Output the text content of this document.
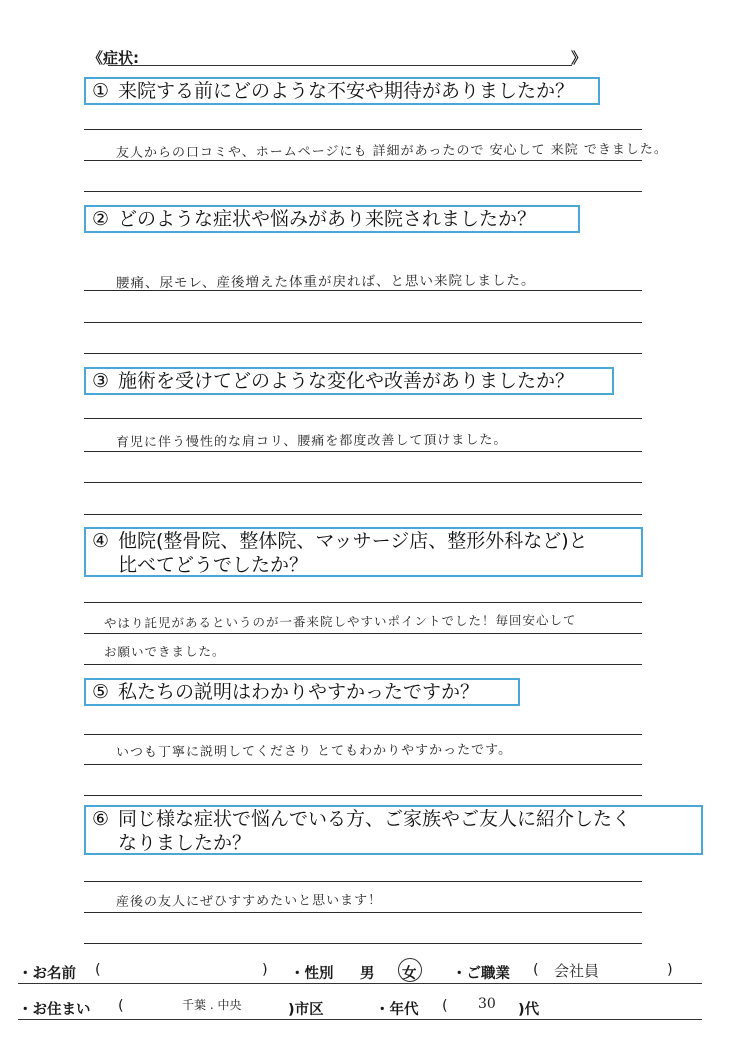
《症状:	》
① 来院する前にどのような不安や期待がありましたか？
友人からの口コミや、ホームページにも 詳細があったので 安心して 来院 できました。
② どのような症状や悩みがあり来院されましたか？
腰痛、尿モレ、産後増えた体重が戻れば、と思い来院しました。
③ 施術を受けてどのような変化や改善がありましたか？
育児に伴う慢性的な肩コリ、腰痛を都度改善して頂けました。
④ 他院(整骨院、整体院、マッサージ店、整形外科など)と
比べてどうでしたか？
やはり託児があるというのが一番来院しやすいポイントでした！毎回安心して
お願いできました。
⑤ 私たちの説明はわかりやすかったですか？
いつも丁寧に説明してくださり とてもわかりやすかったです。
⑥ 同じ様な症状で悩んでいる方、ご家族やご友人に紹介したく
なりましたか？
産後の友人にぜひすすめたいと思います！
・お名前 (	) ・性別 男 女 ・ご職業 ( 会社員	)
・お住まい (	千葉 . 中央	)市区	・年代 ( 30 )代
